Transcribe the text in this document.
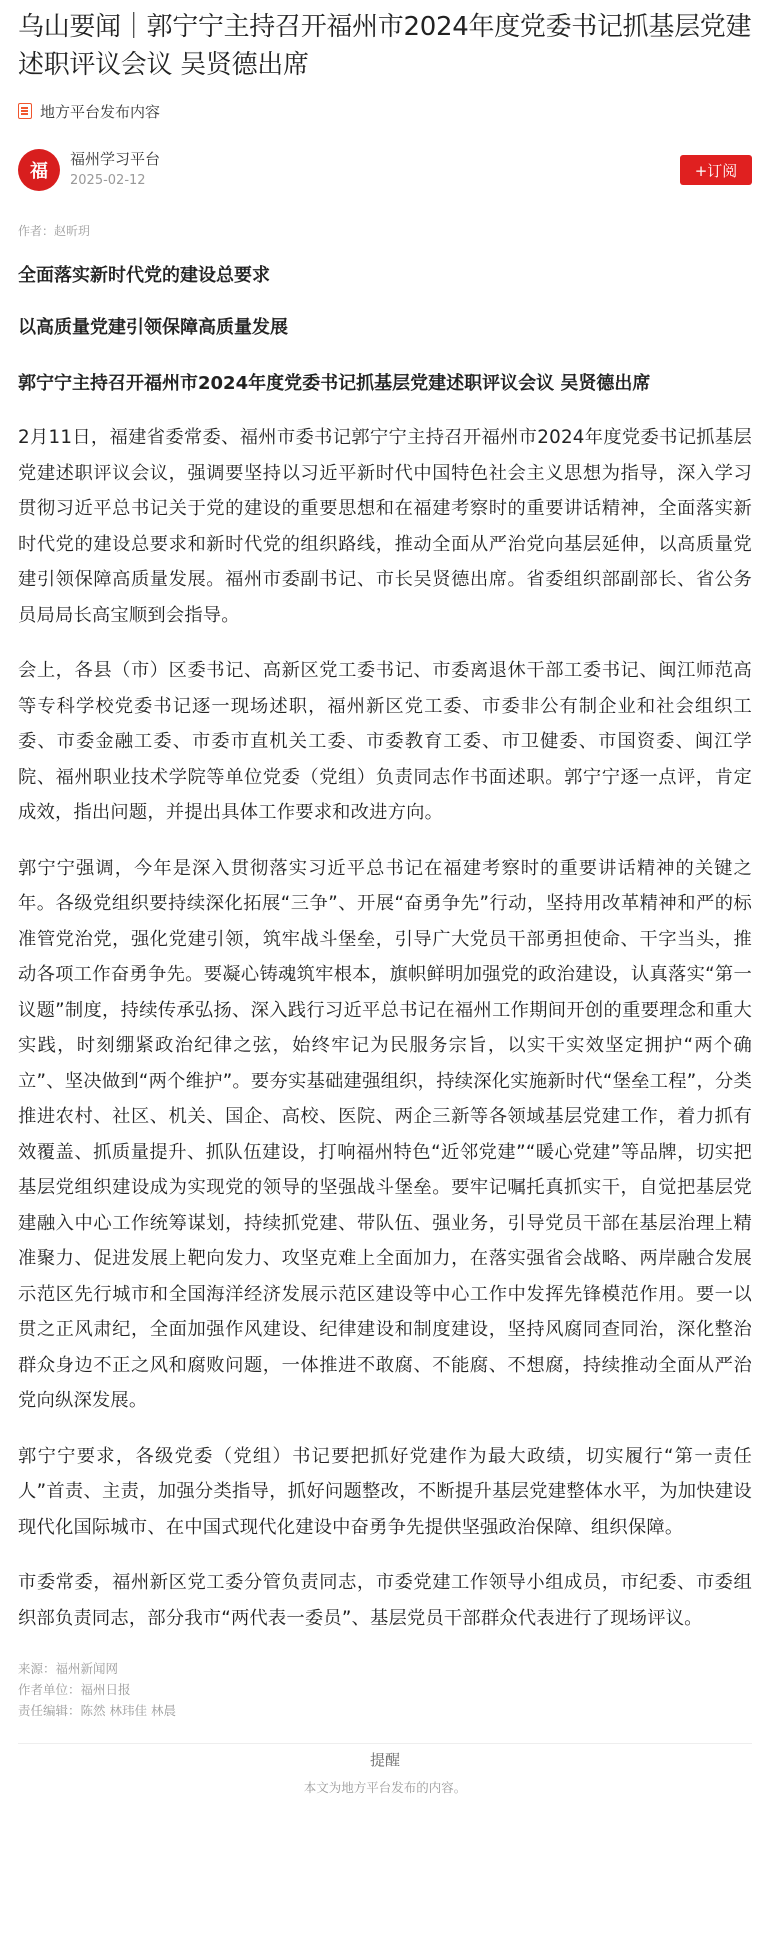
乌山要闻｜郭宁宁主持召开福州市2024年度党委书记抓基层党建述职评议会议 吴贤德出席
地方平台发布内容
福
福州学习平台
2025-02-12
+订阅
作者：赵昕玥
全面落实新时代党的建设总要求
以高质量党建引领保障高质量发展
郭宁宁主持召开福州市2024年度党委书记抓基层党建述职评议会议 吴贤德出席

2月11日，福建省委常委、福州市委书记郭宁宁主持召开福州市2024年度党委书记抓基层党建述职评议会议，强调要坚持以习近平新时代中国特色社会主义思想为指导，深入学习贯彻习近平总书记关于党的建设的重要思想和在福建考察时的重要讲话精神，全面落实新时代党的建设总要求和新时代党的组织路线，推动全面从严治党向基层延伸，以高质量党建引领保障高质量发展。福州市委副书记、市长吴贤德出席。省委组织部副部长、省公务员局局长高宝顺到会指导。

会上，各县（市）区委书记、高新区党工委书记、市委离退休干部工委书记、闽江师范高等专科学校党委书记逐一现场述职，福州新区党工委、市委非公有制企业和社会组织工委、市委金融工委、市委市直机关工委、市委教育工委、市卫健委、市国资委、闽江学院、福州职业技术学院等单位党委（党组）负责同志作书面述职。郭宁宁逐一点评，肯定成效，指出问题，并提出具体工作要求和改进方向。

郭宁宁强调，今年是深入贯彻落实习近平总书记在福建考察时的重要讲话精神的关键之年。各级党组织要持续深化拓展“三争”、开展“奋勇争先”行动，坚持用改革精神和严的标准管党治党，强化党建引领，筑牢战斗堡垒，引导广大党员干部勇担使命、干字当头，推动各项工作奋勇争先。要凝心铸魂筑牢根本，旗帜鲜明加强党的政治建设，认真落实“第一议题”制度，持续传承弘扬、深入践行习近平总书记在福州工作期间开创的重要理念和重大实践，时刻绷紧政治纪律之弦，始终牢记为民服务宗旨，以实干实效坚定拥护“两个确立”、坚决做到“两个维护”。要夯实基础建强组织，持续深化实施新时代“堡垒工程”，分类推进农村、社区、机关、国企、高校、医院、两企三新等各领域基层党建工作，着力抓有效覆盖、抓质量提升、抓队伍建设，打响福州特色“近邻党建”“暖心党建”等品牌，切实把基层党组织建设成为实现党的领导的坚强战斗堡垒。要牢记嘱托真抓实干，自觉把基层党建融入中心工作统筹谋划，持续抓党建、带队伍、强业务，引导党员干部在基层治理上精准聚力、促进发展上靶向发力、攻坚克难上全面加力，在落实强省会战略、两岸融合发展示范区先行城市和全国海洋经济发展示范区建设等中心工作中发挥先锋模范作用。要一以贯之正风肃纪，全面加强作风建设、纪律建设和制度建设，坚持风腐同查同治，深化整治群众身边不正之风和腐败问题，一体推进不敢腐、不能腐、不想腐，持续推动全面从严治党向纵深发展。

郭宁宁要求，各级党委（党组）书记要把抓好党建作为最大政绩，切实履行“第一责任人”首责、主责，加强分类指导，抓好问题整改，不断提升基层党建整体水平，为加快建设现代化国际城市、在中国式现代化建设中奋勇争先提供坚强政治保障、组织保障。

市委常委，福州新区党工委分管负责同志，市委党建工作领导小组成员，市纪委、市委组织部负责同志，部分我市“两代表一委员”、基层党员干部群众代表进行了现场评议。

来源：福州新闻网
作者单位：福州日报
责任编辑：陈然 林玮佳 林晨
提醒
本文为地方平台发布的内容。
